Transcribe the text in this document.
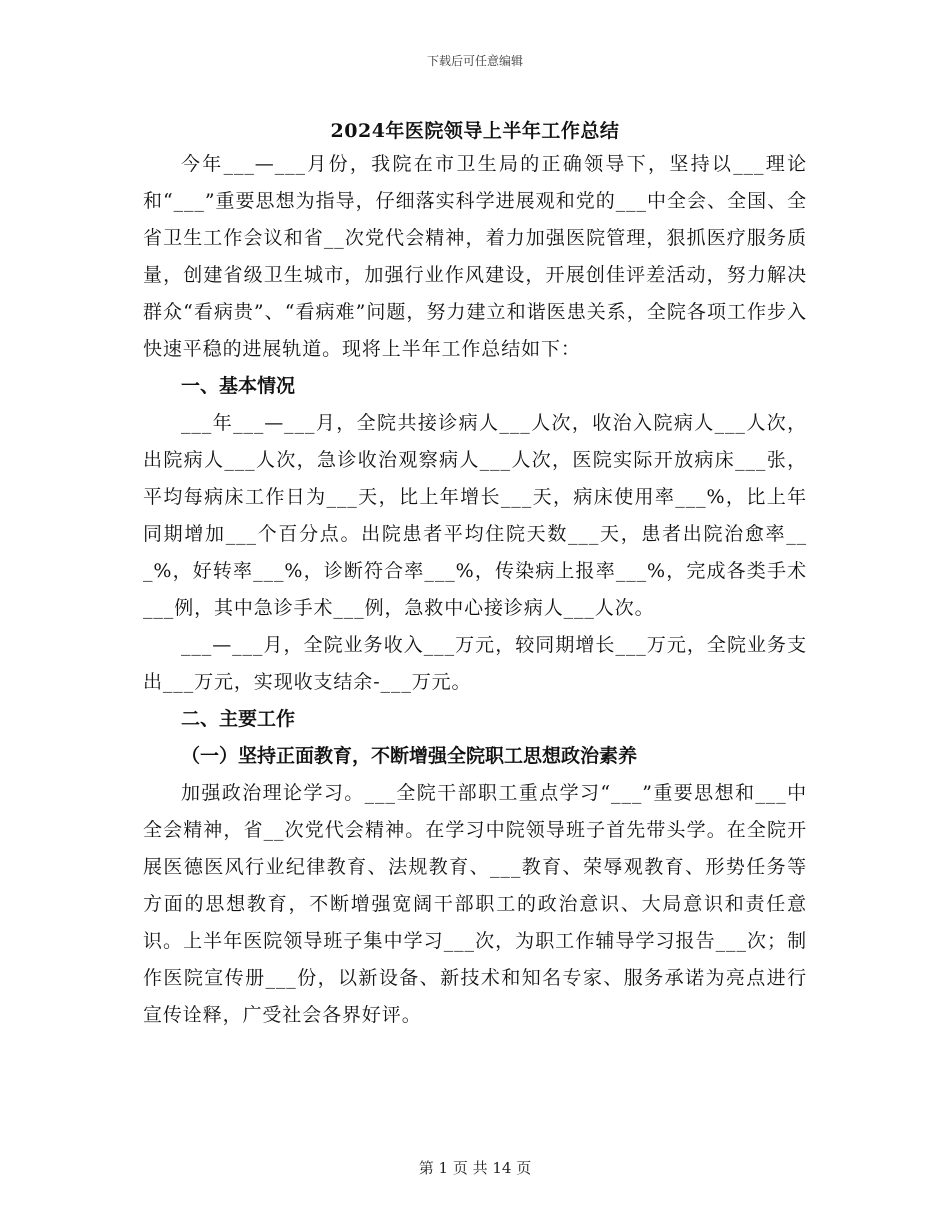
下载后可任意编辑
2024年医院领导上半年工作总结

今年___—___月份，我院在市卫生局的正确领导下，坚持以___理论和“___”重要思想为指导，仔细落实科学进展观和党的___中全会、全国、全省卫生工作会议和省__次党代会精神，着力加强医院管理，狠抓医疗服务质量，创建省级卫生城市，加强行业作风建设，开展创佳评差活动，努力解决群众“看病贵”、“看病难”问题，努力建立和谐医患关系，全院各项工作步入快速平稳的进展轨道。现将上半年工作总结如下：

一、基本情况

___年___—___月，全院共接诊病人___人次，收治入院病人___人次，出院病人___人次，急诊收治观察病人___人次，医院实际开放病床___张，平均每病床工作日为___天，比上年增长___天，病床使用率___%，比上年同期增加___个百分点。出院患者平均住院天数___天，患者出院治愈率___%，好转率___%，诊断符合率___%，传染病上报率___%，完成各类手术___例，其中急诊手术___例，急救中心接诊病人___人次。

___—___月，全院业务收入___万元，较同期增长___万元，全院业务支出___万元，实现收支结余-___万元。

二、主要工作

（一）坚持正面教育，不断增强全院职工思想政治素养

加强政治理论学习。___全院干部职工重点学习“___”重要思想和___中全会精神，省__次党代会精神。在学习中院领导班子首先带头学。在全院开展医德医风行业纪律教育、法规教育、___教育、荣辱观教育、形势任务等方面的思想教育，不断增强宽阔干部职工的政治意识、大局意识和责任意识。上半年医院领导班子集中学习___次，为职工作辅导学习报告___次；制作医院宣传册___份，以新设备、新技术和知名专家、服务承诺为亮点进行宣传诠释，广受社会各界好评。

第 1 页 共 14 页
